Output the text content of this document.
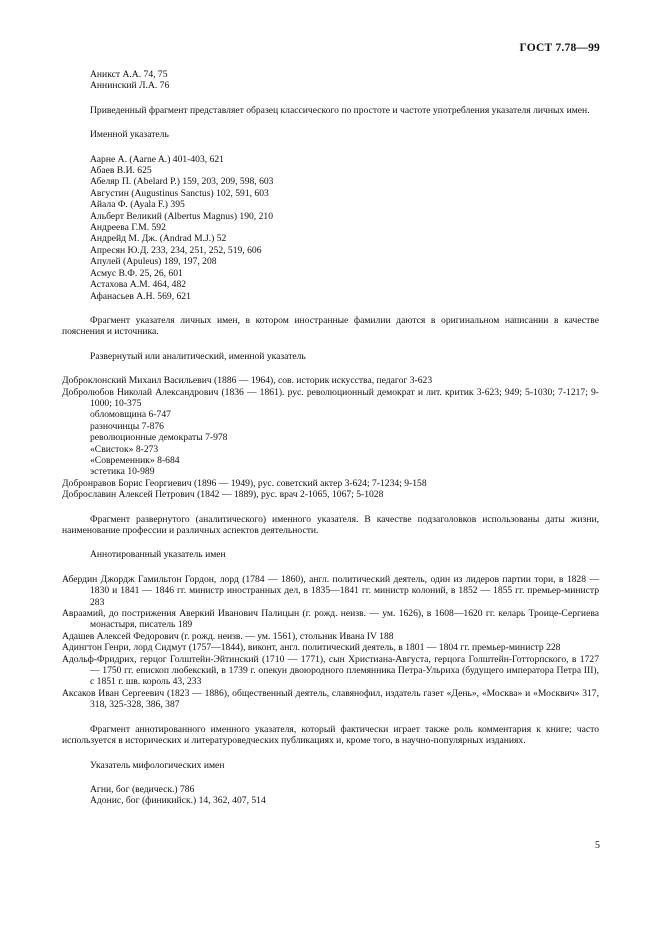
ГОСТ 7.78—99
Аникст А.А. 74, 75
Аннинский Л.А. 76
Приведенный фрагмент представляет образец классического по простоте и частоте употребления указателя личных имен.
Именной указатель
Аарне А. (Aarne A.) 401-403, 621
Абаев В.И. 625
Абеляр П. (Abelard P.) 159, 203, 209, 598, 603
Августин (Augustinus Sanctus) 102, 591, 603
Айала Ф. (Ayala F.) 395
Альберт Великий (Albertus Magnus) 190, 210
Андреева Г.М. 592
Андрейд М. Дж. (Andrad M.J.) 52
Апресян Ю.Д. 233, 234, 251, 252, 519, 606
Апулей (Apuleus) 189, 197, 208
Асмус В.Ф. 25, 26, 601
Астахова А.М. 464, 482
Афанасьев А.Н. 569, 621
Фрагмент указателя личных имен, в котором иностранные фамилии даются в оригинальном написании в качестве пояснения и источника.
Развернутый или аналитический, именной указатель
Доброклонский Михаил Васильевич (1886 — 1964), сов. историк искусства, педагог 3-623
Добролюбов Николай Александрович (1836 — 1861). рус. революционный демократ и лит. критик 3-623; 949; 5-1030; 7-1217; 9-1000; 10-375
обломовщина 6-747
разночинцы 7-876
революционные демократы 7-978
«Свисток» 8-273
«Современник» 8-684
эстетика 10-989
Добронравов Борис Георгиевич (1896 — 1949), рус. советский актер 3-624; 7-1234; 9-158
Доброславин Алексей Петрович (1842 — 1889), рус. врач 2-1065, 1067; 5-1028
Фрагмент развернутого (аналитического) именного указателя. В качестве подзаголовков использованы даты жизни, наименование профессии и различных аспектов деятельности.
Аннотированный указатель имен
Абердин Джордж Гамильтон Гордон, лорд (1784 — 1860), англ. политический деятель, один из лидеров партии тори, в 1828 — 1830 и 1841 — 1846 гг. министр иностранных дел, в 1835—1841 гг. министр колоний, в 1852 — 1855 гг. премьер-министр 283
Авраамий, до пострижения Аверкий Иванович Палицын (г. рожд. неизв. — ум. 1626), в 1608—1620 гг. келарь Троице-Сергиева монастыря, писатель 189
Адашев Алексей Федорович (г. рожд. неизв. — ум. 1561), стольник Ивана IV 188
Адингтон Генри, лорд Сидмут (1757—1844), виконт, англ. политический деятель, в 1801 — 1804 гг. премьер-министр 228
Адольф-Фридрих, герцог Голштейн-Эйтинский (1710 — 1771), сын Христиана-Августа, герцога Голштейн-Готторпского, в 1727 — 1750 гг. епископ любекский, в 1739 г. опекун двоюродного племянника Петра-Ульриха (будущего императора Петра III), с 1851 г. шв. король 43, 233
Аксаков Иван Сергеевич (1823 — 1886), общественный деятель, славянофил, издатель газет «День», «Москва» и «Москвич» 317, 318, 325-328, 386, 387
Фрагмент аннотированного именного указателя, который фактически играет также роль комментария к книге; часто используется в исторических и литературоведческих публикациях и, кроме того, в научно-популярных изданиях.
Указатель мифологических имен
Агни, бог (ведическ.) 786
Адонис, бог (финикийск.) 14, 362, 407, 514
5
